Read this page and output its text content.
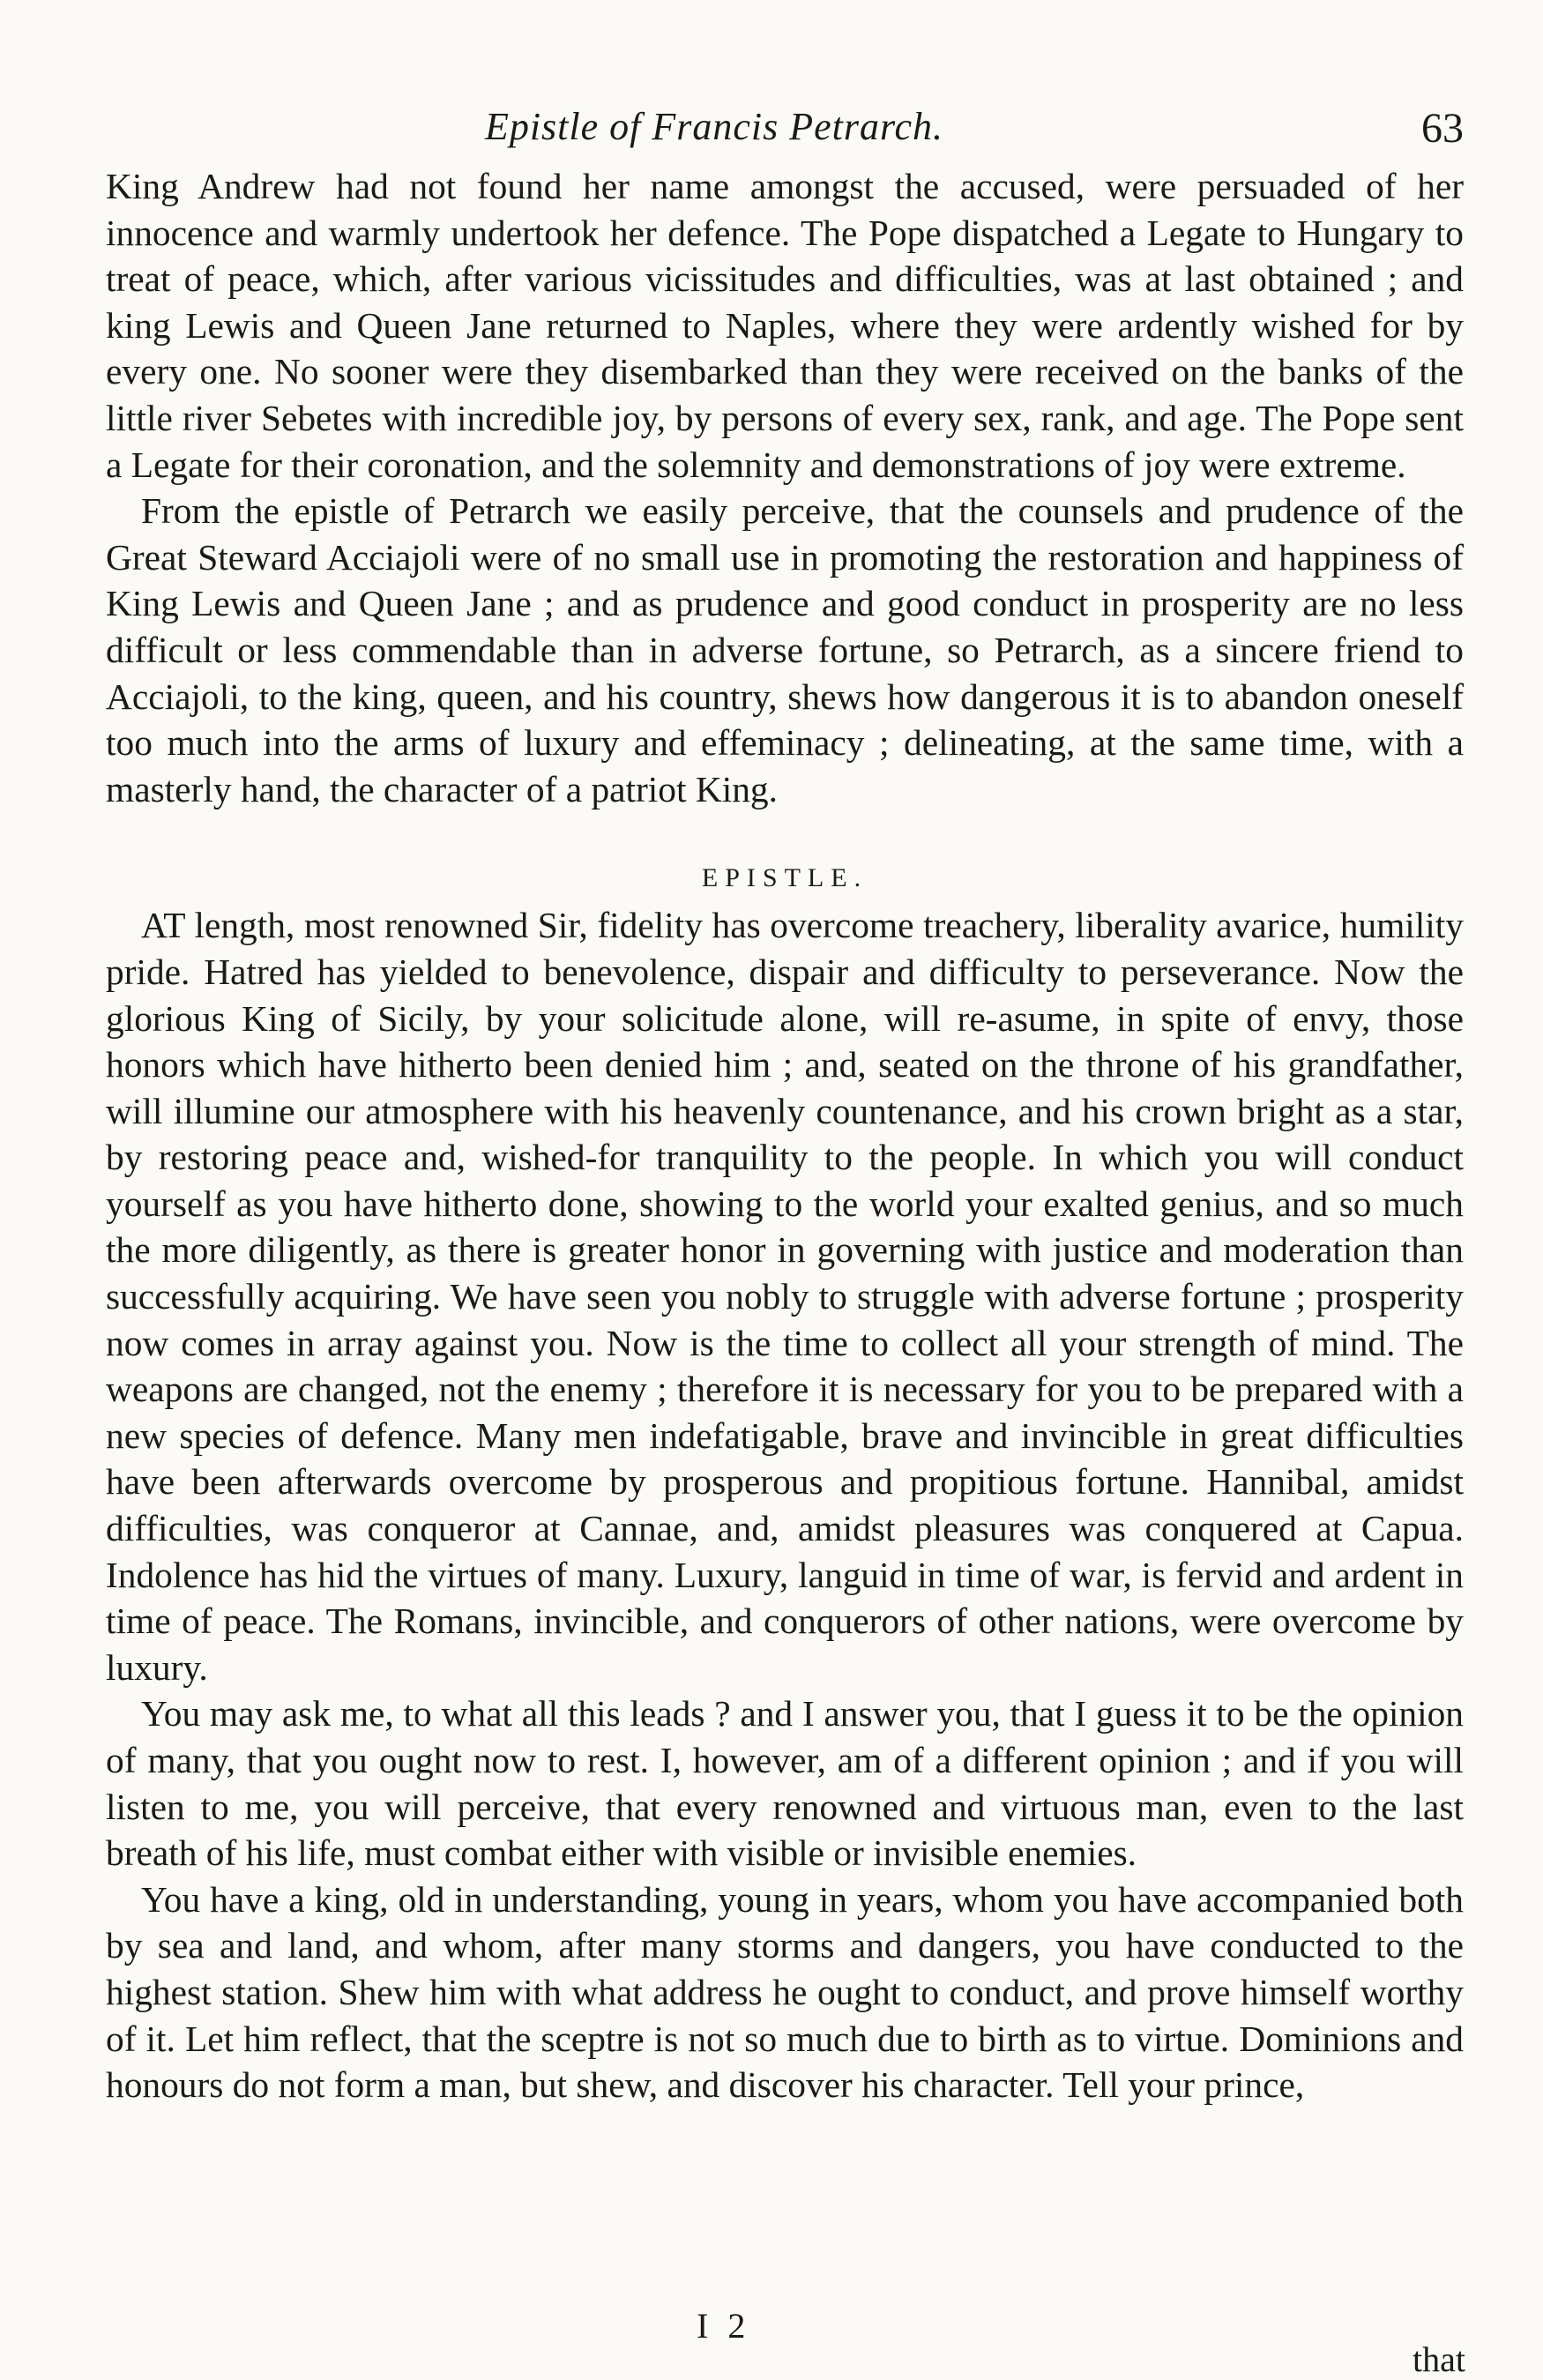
Epistle of Francis Petrarch.	63

King Andrew had not found her name amongst the accused, were persuaded of her innocence and warmly undertook her defence. The Pope dispatched a Legate to Hungary to treat of peace, which, after various vicissitudes and difficulties, was at last obtained ; and king Lewis and Queen Jane returned to Naples, where they were ardently wished for by every one. No sooner were they disembarked than they were received on the banks of the little river Sebetes with incredible joy, by persons of every sex, rank, and age. The Pope sent a Legate for their coronation, and the solemnity and demonstrations of joy were extreme.

From the epistle of Petrarch we easily perceive, that the counsels and prudence of the Great Steward Acciajoli were of no small use in promoting the restoration and happiness of King Lewis and Queen Jane ; and as prudence and good conduct in prosperity are no less difficult or less commendable than in adverse fortune, so Petrarch, as a sincere friend to Acciajoli, to the king, queen, and his country, shews how dangerous it is to abandon oneself too much into the arms of luxury and effeminacy ; delineating, at the same time, with a masterly hand, the character of a patriot King.

EPISTLE.

AT length, most renowned Sir, fidelity has overcome treachery, liberality avarice, humility pride. Hatred has yielded to benevolence, dispair and difficulty to perseverance. Now the glorious King of Sicily, by your solicitude alone, will re-asume, in spite of envy, those honors which have hitherto been denied him ; and, seated on the throne of his grandfather, will illumine our atmosphere with his heavenly countenance, and his crown bright as a star, by restoring peace and, wished-for tranquility to the people. In which you will conduct yourself as you have hitherto done, showing to the world your exalted genius, and so much the more diligently, as there is greater honor in governing with justice and moderation than successfully acquiring. We have seen you nobly to struggle with adverse fortune ; prosperity now comes in array against you. Now is the time to collect all your strength of mind. The weapons are changed, not the enemy ; therefore it is necessary for you to be prepared with a new species of defence. Many men indefatigable, brave and invincible in great difficulties have been afterwards overcome by prosperous and propitious fortune. Hannibal, amidst difficulties, was conqueror at Cannae, and, amidst pleasures was conquered at Capua. Indolence has hid the virtues of many. Luxury, languid in time of war, is fervid and ardent in time of peace. The Romans, invincible, and conquerors of other nations, were overcome by luxury.

You may ask me, to what all this leads ? and I answer you, that I guess it to be the opinion of many, that you ought now to rest. I, however, am of a different opinion ; and if you will listen to me, you will perceive, that every renowned and virtuous man, even to the last breath of his life, must combat either with visible or invisible enemies.

You have a king, old in understanding, young in years, whom you have accompanied both by sea and land, and whom, after many storms and dangers, you have conducted to the highest station. Shew him with what address he ought to conduct, and prove himself worthy of it. Let him reflect, that the sceptre is not so much due to birth as to virtue. Dominions and honours do not form a man, but shew, and discover his character. Tell your prince,

I 2
that
